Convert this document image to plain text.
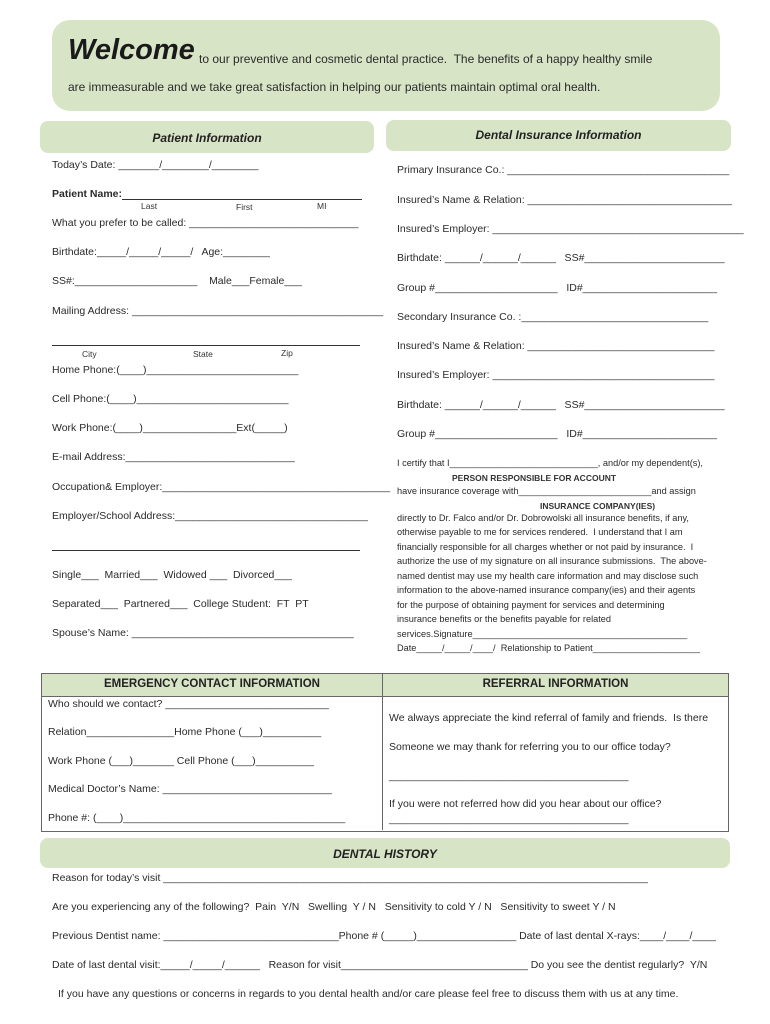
Welcome to our preventive and cosmetic dental practice.  The benefits of a happy healthy smile
are immeasurable and we take great satisfaction in helping our patients maintain optimal oral health.
Patient Information	Dental Insurance Information
Today’s Date: _______/________/________
Patient Name:
Last	First	MI
What you prefer to be called: _____________________________
Birthdate:_____/_____/_____/   Age:________
SS#:_____________________    Male___Female___
Mailing Address: ___________________________________________
City	State	Zip
Home Phone:(____)__________________________
Cell Phone:(____)__________________________
Work Phone:(____)________________Ext(_____)
E-mail Address:_____________________________
Occupation& Employer:_______________________________________
Employer/School Address:_________________________________
Single___  Married___  Widowed ___  Divorced___
Separated___  Partnered___  College Student:  FT  PT
Spouse’s Name: ______________________________________
Primary Insurance Co.: ______________________________________
Insured’s Name & Relation: ___________________________________
Insured’s Employer: ___________________________________________
Birthdate: ______/______/______   SS#________________________
Group #_____________________   ID#_______________________
Secondary Insurance Co. :________________________________
Insured’s Name & Relation: ________________________________
Insured’s Employer: ______________________________________
Birthdate: ______/______/______   SS#________________________
Group #_____________________   ID#_______________________
I certify that I_____________________________, and/or my dependent(s),
PERSON RESPONSIBLE FOR ACCOUNT
have insurance coverage with__________________________and assign
INSURANCE COMPANY(IES)
directly to Dr. Falco and/or Dr. Dobrowolski all insurance benefits, if any,
otherwise payable to me for services rendered.  I understand that I am
financially responsible for all charges whether or not paid by insurance.  I
authorize the use of my signature on all insurance submissions.  The above-
named dentist may use my health care information and may disclose such
information to the above-named insurance company(ies) and their agents
for the purpose of obtaining payment for services and determining
insurance benefits or the benefits payable for related
services.Signature__________________________________________
Date_____/_____/____/  Relationship to Patient_____________________
EMERGENCY CONTACT INFORMATION	REFERRAL INFORMATION
Who should we contact? ____________________________
Relation_______________Home Phone (___)__________
Work Phone (___)_______ Cell Phone (___)__________
Medical Doctor’s Name: _____________________________
Phone #: (____)______________________________________
We always appreciate the kind referral of family and friends.  Is there
Someone we may thank for referring you to our office today?
_________________________________________
If you were not referred how did you hear about our office?
_________________________________________
DENTAL HISTORY
Reason for today’s visit ___________________________________________________________________________________
Are you experiencing any of the following?  Pain  Y/N   Swelling  Y / N   Sensitivity to cold Y / N   Sensitivity to sweet Y / N
Previous Dentist name: ______________________________Phone # (_____)_________________ Date of last dental X-rays:____/____/____
Date of last dental visit:_____/_____/______   Reason for visit________________________________ Do you see the dentist regularly?  Y/N
If you have any questions or concerns in regards to you dental health and/or care please feel free to discuss them with us at any time.
